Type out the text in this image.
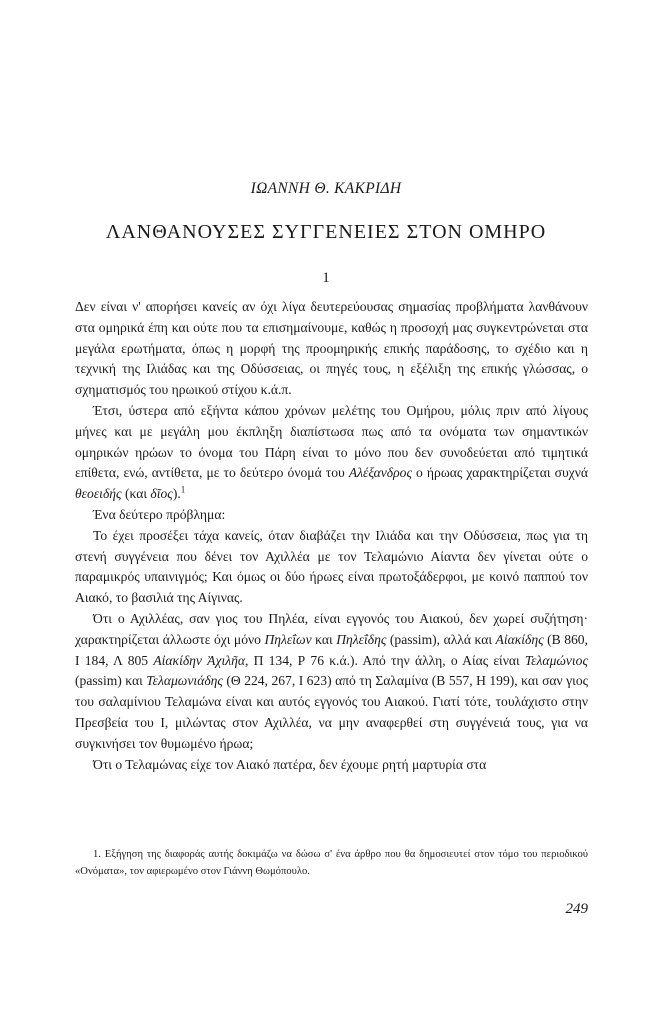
ΙΩΑΝΝΗ Θ. ΚΑΚΡΙΔΗ
ΛΑΝΘΑΝΟΥΣΕΣ ΣΥΓΓΕΝΕΙΕΣ ΣΤΟΝ ΟΜΗΡΟ
1

Δεν είναι ν' απορήσει κανείς αν όχι λίγα δευτερεύουσας σημασίας προβλήματα λανθάνουν στα ομηρικά έπη και ούτε που τα επισημαίνουμε, καθώς η προσοχή μας συγκεντρώνεται στα μεγάλα ερωτήματα, όπως η μορφή της προομηρικής επικής παράδοσης, το σχέδιο και η τεχνική της Ιλιάδας και της Οδύσσειας, οι πηγές τους, η εξέλιξη της επικής γλώσσας, ο σχηματισμός του ηρωικού στίχου κ.ά.π.

Έτσι, ύστερα από εξήντα κάπου χρόνων μελέτης του Ομήρου, μόλις πριν από λίγους μήνες και με μεγάλη μου έκπληξη διαπίστωσα πως από τα ονόματα των σημαντικών ομηρικών ηρώων το όνομα του Πάρη είναι το μόνο που δεν συνοδεύεται από τιμητικά επίθετα, ενώ, αντίθετα, με το δεύτερο όνομά του Αλέξανδρος ο ήρωας χαρακτηρίζεται συχνά θεοειδής (και δῖος).$^1$

Ένα δεύτερο πρόβλημα:

Το έχει προσέξει τάχα κανείς, όταν διαβάζει την Ιλιάδα και την Οδύσσεια, πως για τη στενή συγγένεια που δένει τον Αχιλλέα με τον Τελαμώνιο Αίαντα δεν γίνεται ούτε ο παραμικρός υπαινιγμός; Και όμως οι δύο ήρωες είναι πρωτοξάδερφοι, με κοινό παππού τον Αιακό, το βασιλιά της Αίγινας.

Ότι ο Αχιλλέας, σαν γιος του Πηλέα, είναι εγγονός του Αιακού, δεν χωρεί συζήτηση· χαρακτηρίζεται άλλωστε όχι μόνο Πηλεΐων και Πηλεΐδης (passim), αλλά και Αἰακίδης (Β 860, Ι 184, Λ 805 Αἰακίδην Ἀχιλῆα, Π 134, Ρ 76 κ.ά.). Από την άλλη, ο Αίας είναι Τελαμώνιος (passim) και Τελαμωνιάδης (Θ 224, 267, Ι 623) από τη Σαλαμίνα (Β 557, Η 199), και σαν γιος του σαλαμίνιου Τελαμώνα είναι και αυτός εγγονός του Αιακού. Γιατί τότε, τουλάχιστο στην Πρεσβεία του Ι, μιλώντας στον Αχιλλέα, να μην αναφερθεί στη συγγένειά τους, για να συγκινήσει τον θυμωμένο ήρωα;

Ότι ο Τελαμώνας είχε τον Αιακό πατέρα, δεν έχουμε ρητή μαρτυρία στα

1. Εξήγηση της διαφοράς αυτής δοκιμάζω να δώσω σ' ένα άρθρο που θα δημοσιευτεί στον τόμο του περιοδικού «Ονόματα», τον αφιερωμένο στον Γιάννη Θωμόπουλο.
249
